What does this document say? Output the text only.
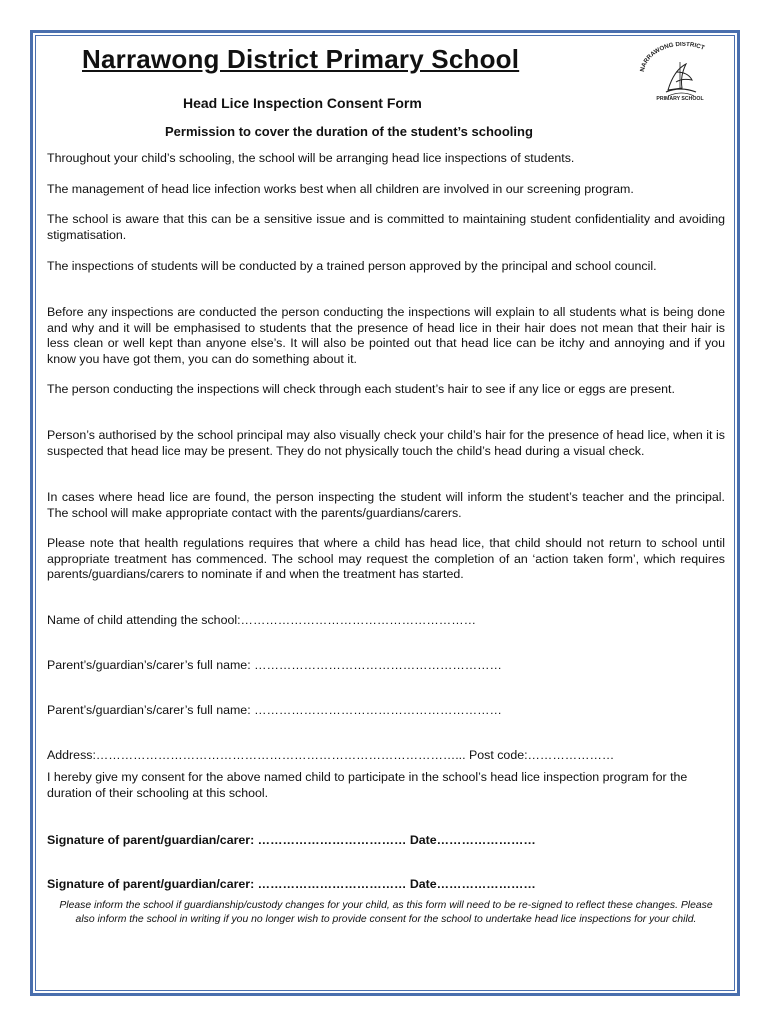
Narrawong District Primary School	NARRAWONG DISTRICT
PRIMARY SCHOOL
Head Lice Inspection Consent Form
Permission to cover the duration of the student’s schooling

Throughout your child’s schooling, the school will be arranging head lice inspections of students.

The management of head lice infection works best when all children are involved in our screening program.

The school is aware that this can be a sensitive issue and is committed to maintaining student confidentiality and avoiding stigmatisation.

The inspections of students will be conducted by a trained person approved by the principal and school council.

Before any inspections are conducted the person conducting the inspections will explain to all students what is being done and why and it will be emphasised to students that the presence of head lice in their hair does not mean that their hair is less clean or well kept than anyone else’s. It will also be pointed out that head lice can be itchy and annoying and if you know you have got them, you can do something about it.

The person conducting the inspections will check through each student’s hair to see if any lice or eggs are present.

Person’s authorised by the school principal may also visually check your child’s hair for the presence of head lice, when it is suspected that head lice may be present. They do not physically touch the child’s head during a visual check.

In cases where head lice are found, the person inspecting the student will inform the student’s teacher and the principal. The school will make appropriate contact with the parents/guardians/carers.

Please note that health regulations requires that where a child has head lice, that child should not return to school until appropriate treatment has commenced. The school may request the completion of an ‘action taken form’, which requires parents/guardians/carers to nominate if and when the treatment has started.

Name of child attending the school:…………………………………………………

Parent’s/guardian’s/carer’s full name: ……………………………………………………

Parent’s/guardian’s/carer’s full name: ……………………………………………………

Address:……………………………………………………………………………... Post code:…………………

I hereby give my consent for the above named child to participate in the school’s head lice inspection program for the duration of their schooling at this school.

Signature of parent/guardian/carer: ……………………………… Date……………………

Signature of parent/guardian/carer: ……………………………… Date……………………

Please inform the school if guardianship/custody changes for your child, as this form will need to be re-signed to reflect these changes. Please also inform the school in writing if you no longer wish to provide consent for the school to undertake head lice inspections for your child.
